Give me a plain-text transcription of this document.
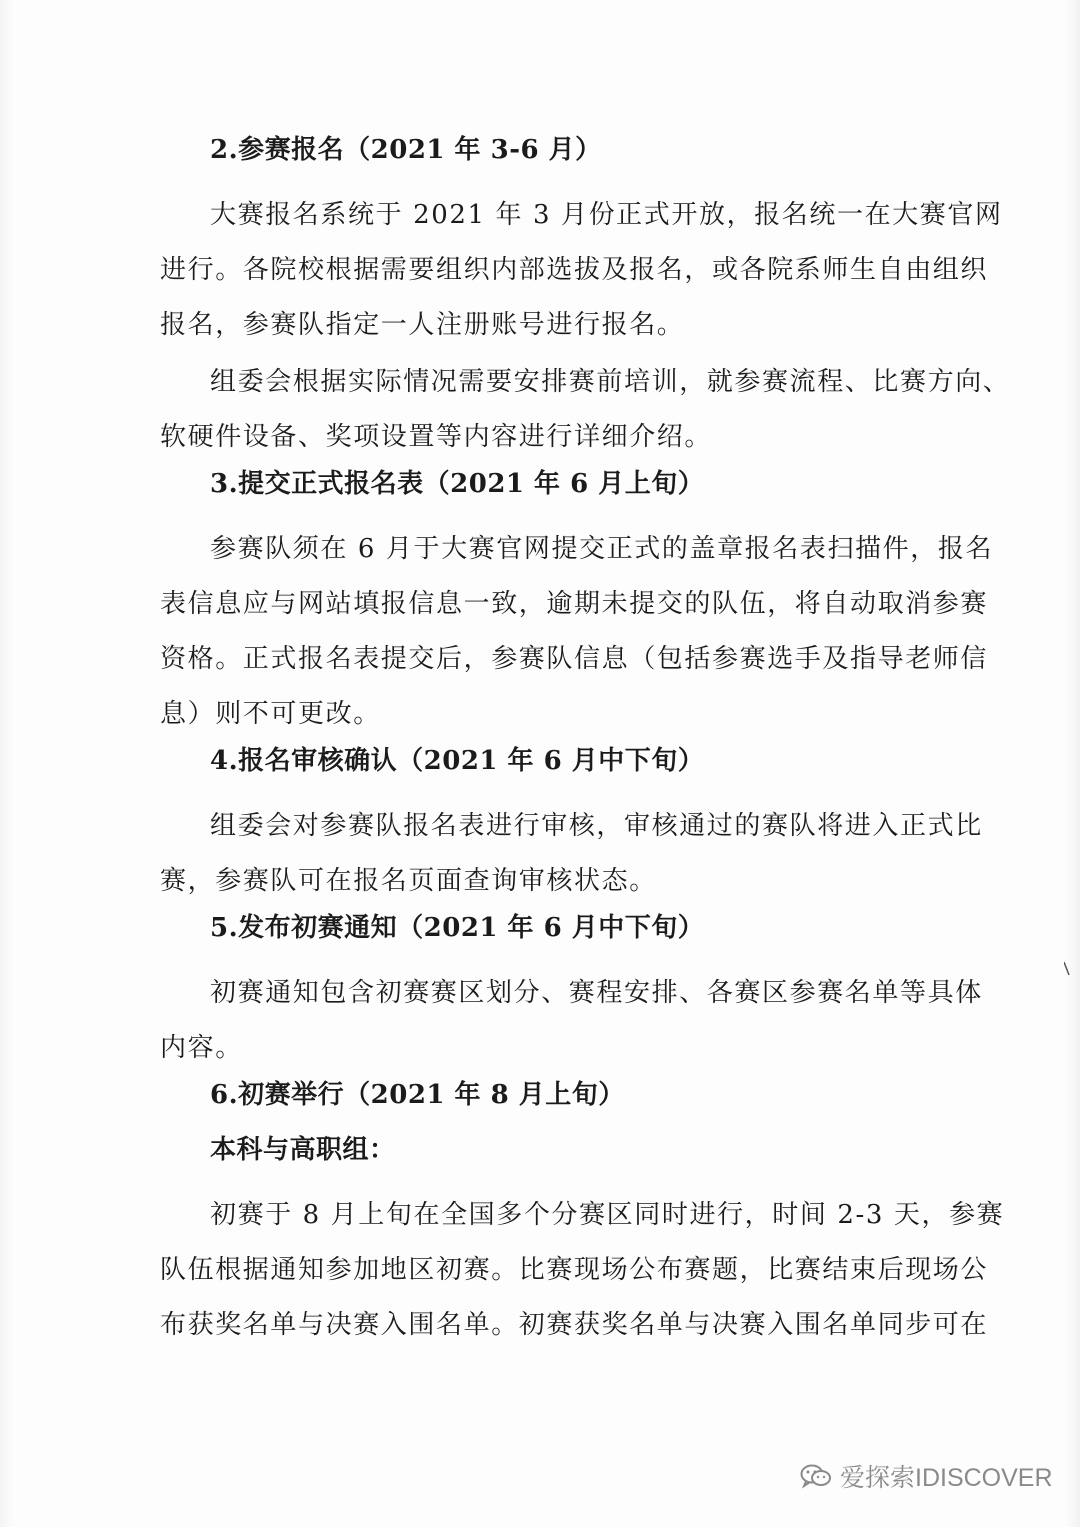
2.参赛报名（2021 年 3-6 月）
大赛报名系统于 2021 年 3 月份正式开放，报名统一在大赛官网
进行。各院校根据需要组织内部选拔及报名，或各院系师生自由组织
报名，参赛队指定一人注册账号进行报名。
组委会根据实际情况需要安排赛前培训，就参赛流程、比赛方向、
软硬件设备、奖项设置等内容进行详细介绍。
3.提交正式报名表（2021 年 6 月上旬）
参赛队须在 6 月于大赛官网提交正式的盖章报名表扫描件，报名
表信息应与网站填报信息一致，逾期未提交的队伍，将自动取消参赛
资格。正式报名表提交后，参赛队信息（包括参赛选手及指导老师信
息）则不可更改。
4.报名审核确认（2021 年 6 月中下旬）
组委会对参赛队报名表进行审核，审核通过的赛队将进入正式比
赛，参赛队可在报名页面查询审核状态。
5.发布初赛通知（2021 年 6 月中下旬）
初赛通知包含初赛赛区划分、赛程安排、各赛区参赛名单等具体
内容。
6.初赛举行（2021 年 8 月上旬）
本科与高职组：
初赛于 8 月上旬在全国多个分赛区同时进行，时间 2-3 天，参赛
队伍根据通知参加地区初赛。比赛现场公布赛题，比赛结束后现场公
布获奖名单与决赛入围名单。初赛获奖名单与决赛入围名单同步可在
爱探索IDISCOVER
